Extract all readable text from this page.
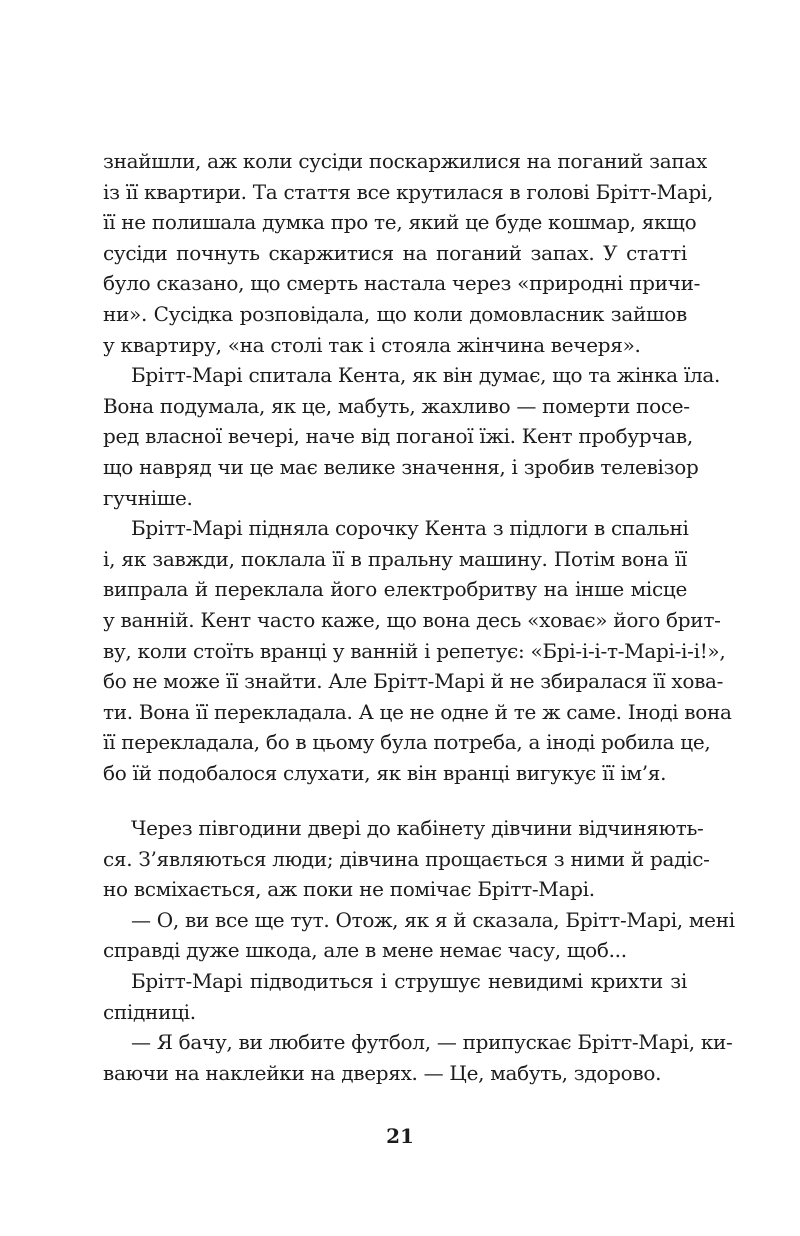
знайшли, аж коли сусіди поскаржилися на поганий запах
із її квартири. Та стаття все крутилася в голові Брітт-Марі,
її не полишала думка про те, який це буде кошмар, якщо
сусіди почнуть скаржитися на поганий запах. У статті
було сказано, що смерть настала через «природні причи-
ни». Сусідка розповідала, що коли домовласник зайшов
у квартиру, «на столі так і стояла жінчина вечеря».
Брітт-Марі спитала Кента, як він думає, що та жінка їла.
Вона подумала, як це, мабуть, жахливо — померти посе-
ред власної вечері, наче від поганої їжі. Кент пробурчав,
що навряд чи це має велике значення, і зробив телевізор
гучніше.
Брітт-Марі підняла сорочку Кента з підлоги в спальні
і, як завжди, поклала її в пральну машину. Потім вона її
випрала й переклала його електробритву на інше місце
у ванній. Кент часто каже, що вона десь «ховає» його брит-
ву, коли стоїть вранці у ванній і репетує: «Брі-і-і-т-Марі-і-і!»,
бо не може її знайти. Але Брітт-Марі й не збиралася її хова-
ти. Вона її перекладала. А це не одне й те ж саме. Іноді вона
її перекладала, бо в цьому була потреба, а іноді робила це,
бо їй подобалося слухати, як він вранці вигукує її ім’я.
Через півгодини двері до кабінету дівчини відчиняють-
ся. З’являються люди; дівчина прощається з ними й радіс-
но всміхається, аж поки не помічає Брітт-Марі.
— О, ви все ще тут. Отож, як я й сказала, Брітт-Марі, мені
справді дуже шкода, але в мене немає часу, щоб...
Брітт-Марі підводиться і струшує невидимі крихти зі
спідниці.
— Я бачу, ви любите футбол, — припускає Брітт-Марі, ки-
ваючи на наклейки на дверях. — Це, мабуть, здорово.
21
